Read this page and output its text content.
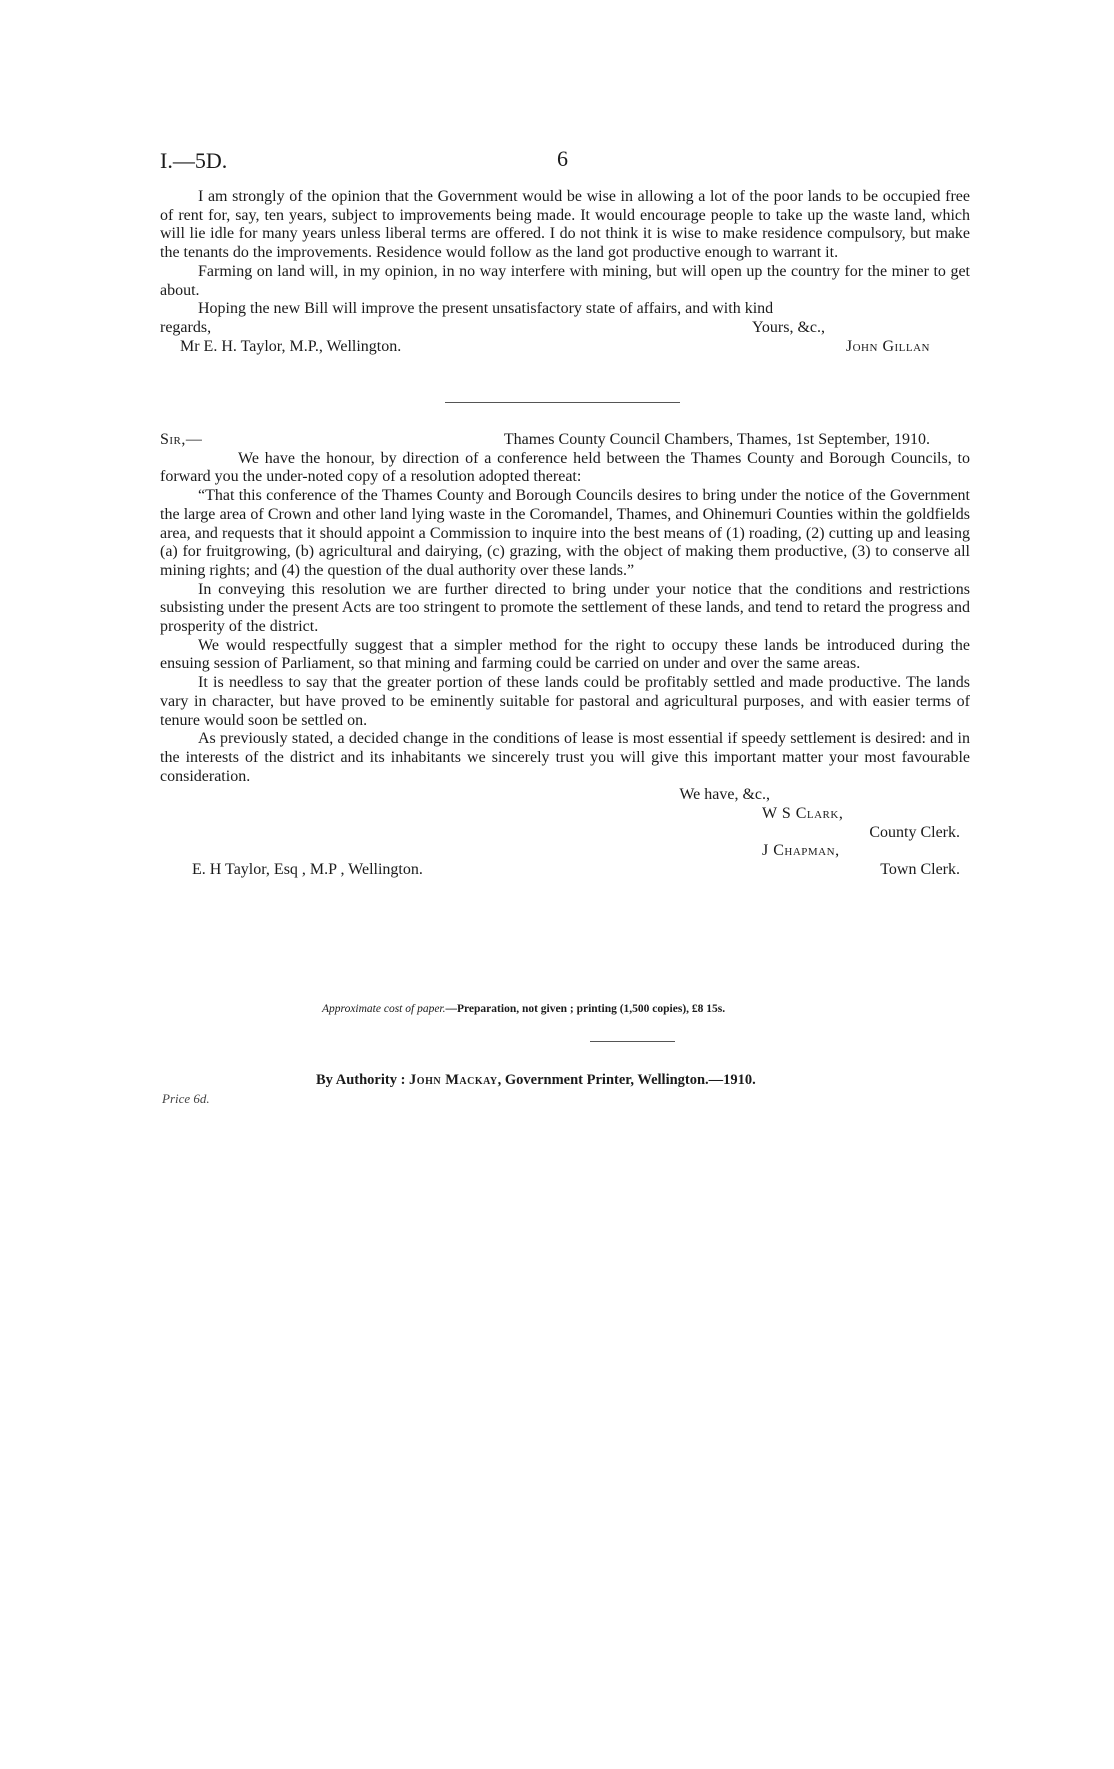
I.—5D.	6

I am strongly of the opinion that the Government would be wise in allowing a lot of the poor lands to be occupied free of rent for, say, ten years, subject to improvements being made. It would encourage people to take up the waste land, which will lie idle for many years unless liberal terms are offered. I do not think it is wise to make residence compulsory, but make the tenants do the improvements. Residence would follow as the land got productive enough to warrant it.

Farming on land will, in my opinion, in no way interfere with mining, but will open up the country for the miner to get about.

Hoping the new Bill will improve the present unsatisfactory state of affairs, and with kind

regards,	Yours, &c.,
Mr E. H. Taylor, M.P., Wellington.	John Gillan
Sir,—	Thames County Council Chambers, Thames, 1st September, 1910.

We have the honour, by direction of a conference held between the Thames County and Borough Councils, to forward you the under-noted copy of a resolution adopted thereat:

“That this conference of the Thames County and Borough Councils desires to bring under the notice of the Government the large area of Crown and other land lying waste in the Coromandel, Thames, and Ohinemuri Counties within the goldfields area, and requests that it should appoint a Commission to inquire into the best means of (1) roading, (2) cutting up and leasing (a) for fruitgrowing, (b) agricultural and dairying, (c) grazing, with the object of making them productive, (3) to conserve all mining rights; and (4) the question of the dual authority over these lands.”

In conveying this resolution we are further directed to bring under your notice that the conditions and restrictions subsisting under the present Acts are too stringent to promote the settlement of these lands, and tend to retard the progress and prosperity of the district.

We would respectfully suggest that a simpler method for the right to occupy these lands be introduced during the ensuing session of Parliament, so that mining and farming could be carried on under and over the same areas.

It is needless to say that the greater portion of these lands could be profitably settled and made productive. The lands vary in character, but have proved to be eminently suitable for pastoral and agricultural purposes, and with easier terms of tenure would soon be settled on.

As previously stated, a decided change in the conditions of lease is most essential if speedy settlement is desired: and in the interests of the district and its inhabitants we sincerely trust you will give this important matter your most favourable consideration.

We have, &c.,
W S Clark,
County Clerk.
J Chapman,
E. H Taylor, Esq , M.P , Wellington.	Town Clerk.
Approximate cost of paper.—Preparation, not given ; printing (1,500 copies), £8 15s.
By Authority : John Mackay, Government Printer, Wellington.—1910.
Price 6d.
